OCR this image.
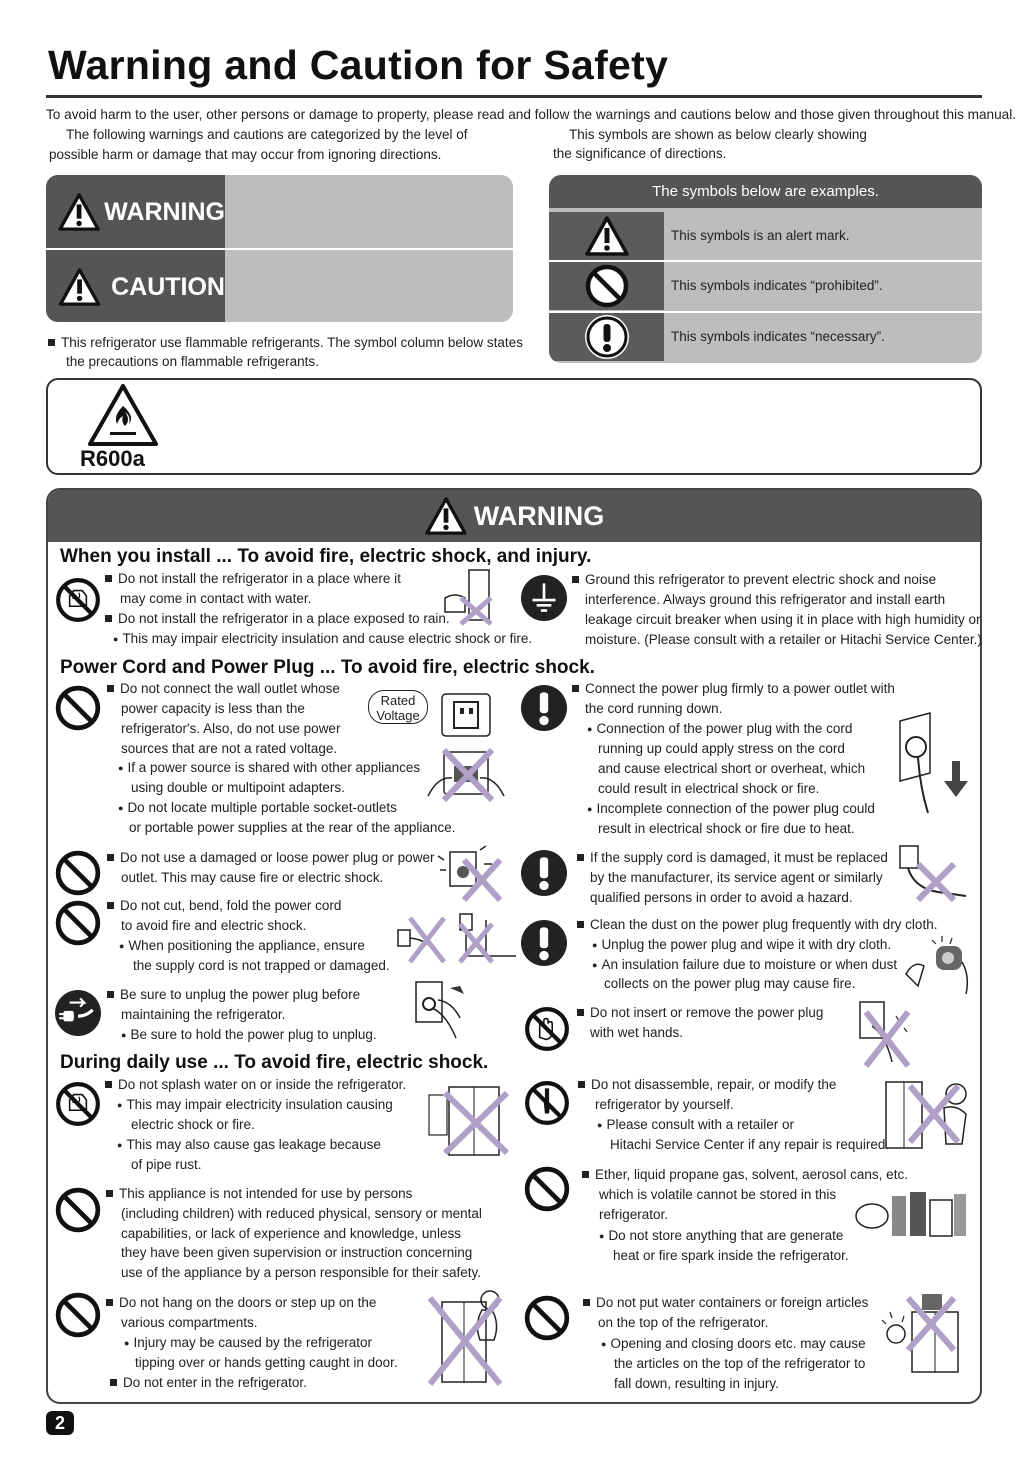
Warning and Caution for Safety
To avoid harm to the user, other persons or damage to property, please read and follow the warnings and cautions below and those given throughout this manual.
The following warnings and cautions are categorized by the level of
possible harm or damage that may occur from ignoring directions.
This symbols are shown as below clearly showing
the significance of directions.
WARNING
CAUTION
The symbols below are examples.
This symbols is an alert mark.
This symbols indicates “prohibited”.
This symbols indicates “necessary”.
This refrigerator use flammable refrigerants. The symbol column below states
the precautions on flammable refrigerants.
R600a
WARNING
When you install ... To avoid fire, electric shock, and injury.
Do not install the refrigerator in a place where it
may come in contact with water.
Do not install the refrigerator in a place exposed to rain.
● This may impair electricity insulation and cause electric shock or fire.
Ground this refrigerator to prevent electric shock and noise
interference. Always ground this refrigerator and install earth
leakage circuit breaker when using it in place with high humidity or
moisture. (Please consult with a retailer or Hitachi Service Center.)
Power Cord and Power Plug ... To avoid fire, electric shock.
Do not connect the wall outlet whose
power capacity is less than the
refrigerator's. Also, do not use power
sources that are not a rated voltage.
● If a power source is shared with other appliances
using double or multipoint adapters.
● Do not locate multiple portable socket-outlets
or portable power supplies at the rear of the appliance.
Rated
Voltage
Connect the power plug firmly to a power outlet with
the cord running down.
● Connection of the power plug with the cord
running up could apply stress on the cord
and cause electrical short or overheat, which
could result in electrical shock or fire.
● Incomplete connection of the power plug could
result in electrical shock or fire due to heat.
Do not use a damaged or loose power plug or power
outlet. This may cause fire or electric shock.
If the supply cord is damaged, it must be replaced
by the manufacturer, its service agent or similarly
qualified persons in order to avoid a hazard.
Do not cut, bend, fold the power cord
to avoid fire and electric shock.
● When positioning the appliance, ensure
the supply cord is not trapped or damaged.
Clean the dust on the power plug frequently with dry cloth.
● Unplug the power plug and wipe it with dry cloth.
● An insulation failure due to moisture or when dust
collects on the power plug may cause fire.
Be sure to unplug the power plug before
maintaining the refrigerator.
● Be sure to hold the power plug to unplug.
Do not insert or remove the power plug
with wet hands.
During daily use ... To avoid fire, electric shock.
Do not splash water on or inside the refrigerator.
● This may impair electricity insulation causing
electric shock or fire.
● This may also cause gas leakage because
of pipe rust.
Do not disassemble, repair, or modify the
refrigerator by yourself.
● Please consult with a retailer or
Hitachi Service Center if any repair is required.
This appliance is not intended for use by persons
(including children) with reduced physical, sensory or mental
capabilities, or lack of experience and knowledge, unless
they have been given supervision or instruction concerning
use of the appliance by a person responsible for their safety.
Ether, liquid propane gas, solvent, aerosol cans, etc.
which is volatile cannot be stored in this
refrigerator.
● Do not store anything that are generate
heat or fire spark inside the refrigerator.
Do not hang on the doors or step up on the
various compartments.
● Injury may be caused by the refrigerator
tipping over or hands getting caught in door.
Do not enter in the refrigerator.
Do not put water containers or foreign articles
on the top of the refrigerator.
● Opening and closing doors etc. may cause
the articles on the top of the refrigerator to
fall down, resulting in injury.
2
